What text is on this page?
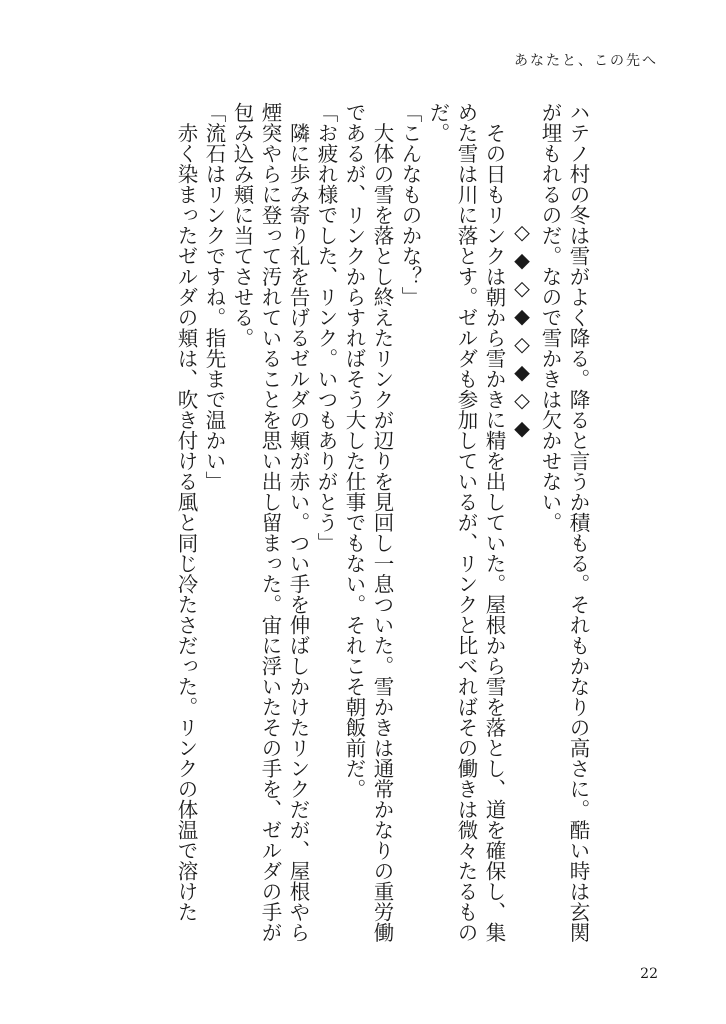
あなたと、この先へ

ハテノ村の冬は雪がよく降る。降ると言うか積もる。それもかなりの高さに。酷い時は玄関が埋もれるのだ。なので雪かきは欠かせない。

◇◆◇◆◇◆◇◆

　その日もリンクは朝から雪かきに精を出していた。屋根から雪を落とし、道を確保し、集めた雪は川に落とす。ゼルダも参加しているが、リンクと比べればその働きは微々たるものだ。

「こんなものかな？」

　大体の雪を落とし終えたリンクが辺りを見回し一息ついた。雪かきは通常かなりの重労働であるが、リンクからすればそう大した仕事でもない。それこそ朝飯前だ。

「お疲れ様でした、リンク。いつもありがとう」

　隣に歩み寄り礼を告げるゼルダの頬が赤い。つい手を伸ばしかけたリンクだが、屋根やら煙突やらに登って汚れていることを思い出し留まった。宙に浮いたその手を、ゼルダの手が包み込み頬に当てさせる。

「流石はリンクですね。指先まで温かい」

　赤く染まったゼルダの頬は、吹き付ける風と同じ冷たさだった。リンクの体温で溶けた

22
